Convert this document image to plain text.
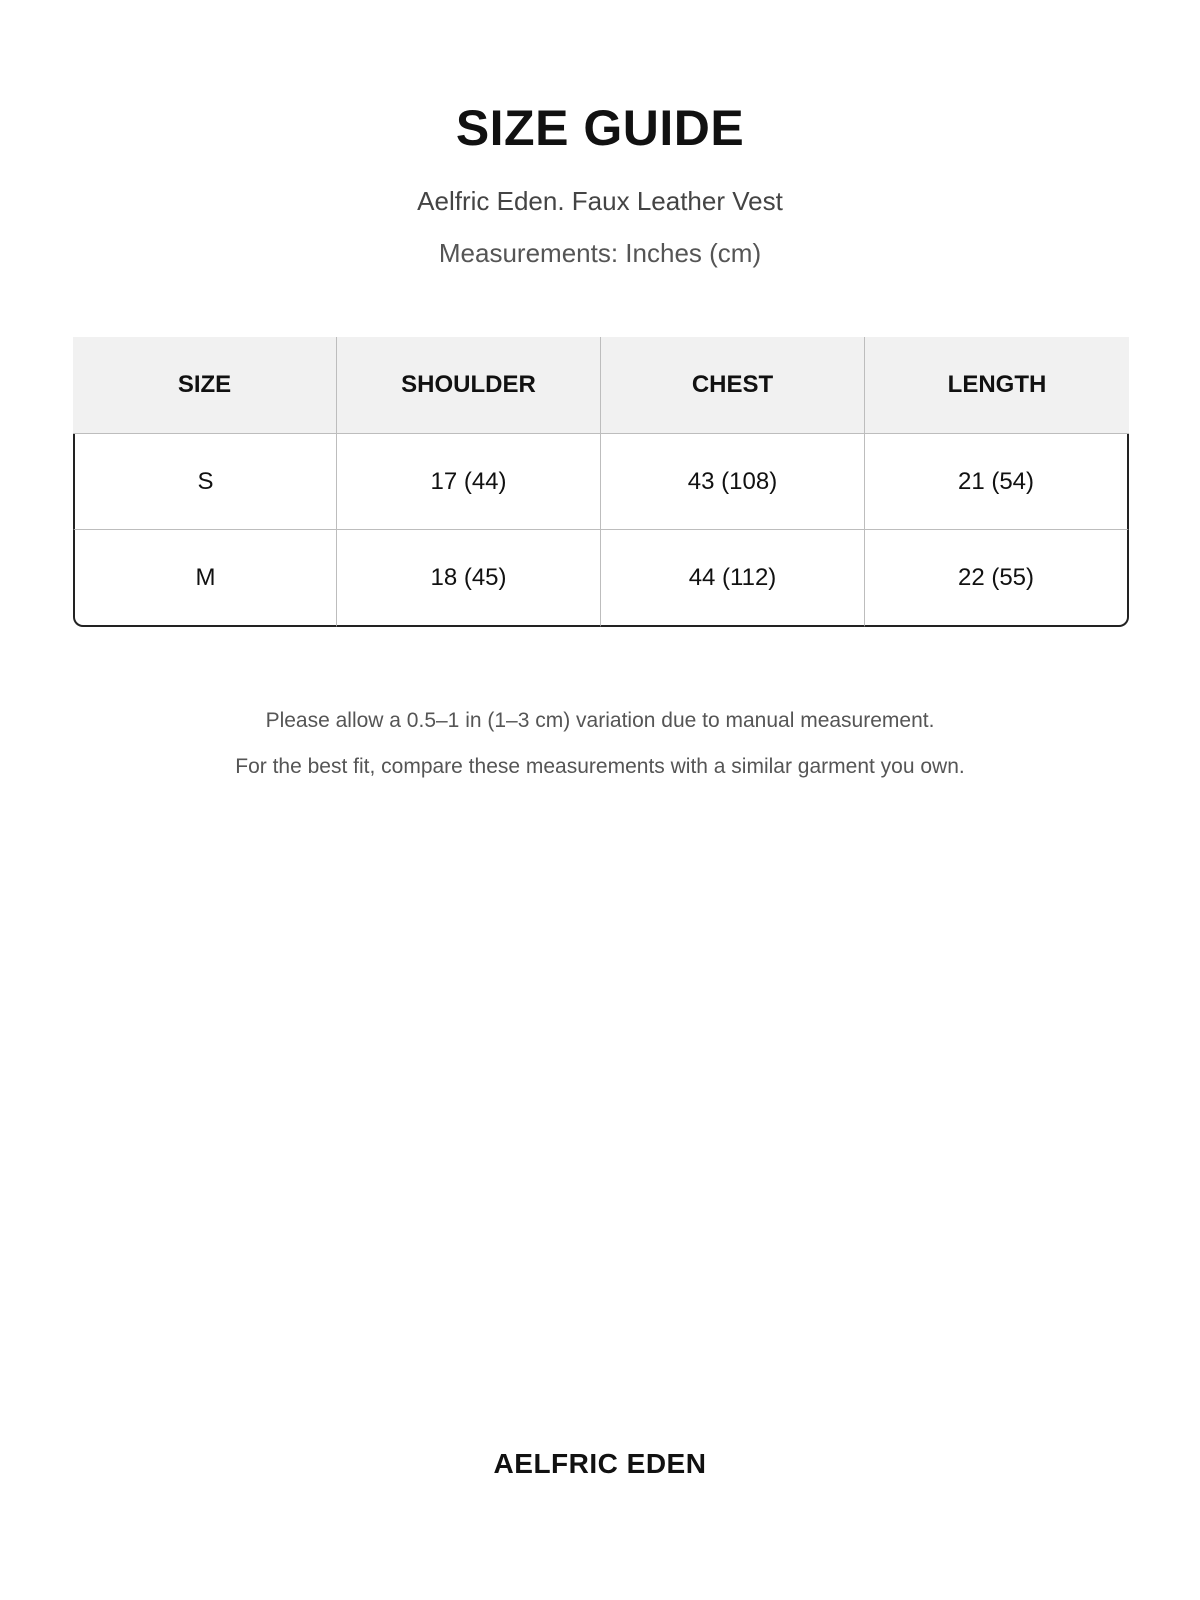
SIZE GUIDE
Aelfric Eden. Faux Leather Vest
Measurements: Inches (cm)
SIZE	SHOULDER	CHEST	LENGTH
S	17 (44)	43 (108)	21 (54)
M	18 (45)	44 (112)	22 (55)
Please allow a 0.5–1 in (1–3 cm) variation due to manual measurement.
For the best fit, compare these measurements with a similar garment you own.
AELFRIC EDEN
